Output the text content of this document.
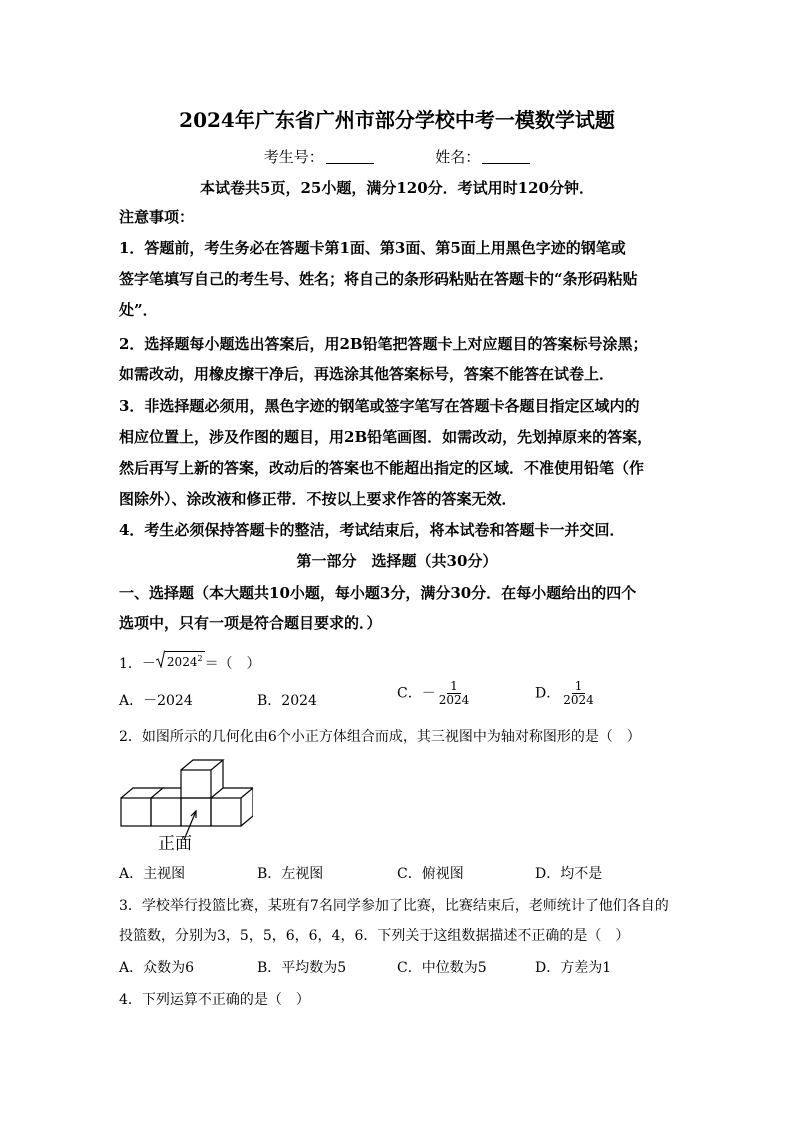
2024年广东省广州市部分学校中考一模数学试题
考生号：	姓名：
本试卷共5页，25小题，满分120分．考试用时120分钟．
注意事项：
1．答题前，考生务必在答题卡第1面、第3面、第5面上用黑色字迹的钢笔或
签字笔填写自己的考生号、姓名；将自己的条形码粘贴在答题卡的“条形码粘贴
处”．
2．选择题每小题选出答案后，用2B铅笔把答题卡上对应题目的答案标号涂黑；
如需改动，用橡皮擦干净后，再选涂其他答案标号，答案不能答在试卷上．
3．非选择题必须用，黑色字迹的钢笔或签字笔写在答题卡各题目指定区域内的
相应位置上，涉及作图的题目，用2B铅笔画图．如需改动，先划掉原来的答案，
然后再写上新的答案，改动后的答案也不能超出指定的区域．不准使用铅笔（作
图除外）、涂改液和修正带．不按以上要求作答的答案无效．
4．考生必须保持答题卡的整洁，考试结束后，将本试卷和答题卡一并交回．
第一部分　选择题（共30分）
一、选择题（本大题共10小题，每小题3分，满分30分．在每小题给出的四个
选项中，只有一项是符合题目要求的．）
1．－ $2024^2$ ＝（　）
A．－2024	B．2024	C．－ $\frac{1}{2024}$	D． $\frac{1}{2024}$
2．如图所示的几何化由6个小正方体组合而成，其三视图中为轴对称图形的是（　）
正面
A．主视图	B．左视图	C．俯视图	D．均不是
3．学校举行投篮比赛，某班有7名同学参加了比赛，比赛结束后，老师统计了他们各自的
投篮数，分别为3，5，5，6，6，4，6．下列关于这组数据描述不正确的是（　）
A．众数为6	B．平均数为5	C．中位数为5	D．方差为1
4．下列运算不正确的是（　）
